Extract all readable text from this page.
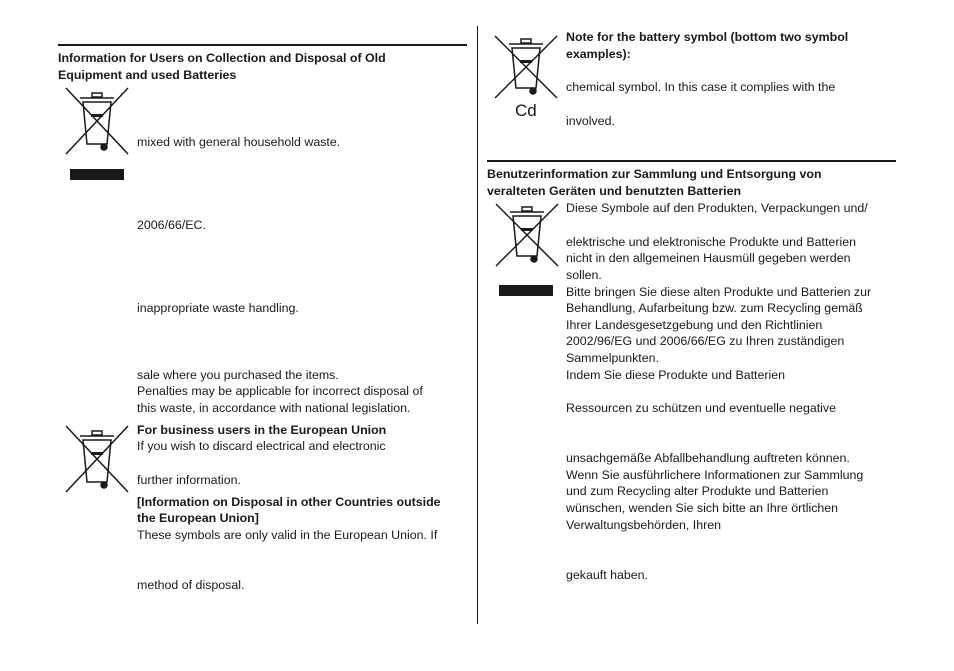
Information for Users on Collection and Disposal of Old
Equipment and used Batteries
mixed with general household waste.
2006/66/EC.
inappropriate waste handling.
sale where you purchased the items.
Penalties may be applicable for incorrect disposal of
this waste, in accordance with national legislation.
For business users in the European Union
If you wish to discard electrical and electronic
further information.
[Information on Disposal in other Countries outside
the European Union]
These symbols are only valid in the European Union. If
method of disposal.
Cd
Note for the battery symbol (bottom two symbol
examples):
chemical symbol. In this case it complies with the
involved.
Benutzerinformation zur Sammlung und Entsorgung von
veralteten Geräten und benutzten Batterien
Diese Symbole auf den Produkten, Verpackungen und/
elektrische und elektronische Produkte und Batterien
nicht in den allgemeinen Hausmüll gegeben werden
sollen.
Bitte bringen Sie diese alten Produkte und Batterien zur
Behandlung, Aufarbeitung bzw. zum Recycling gemäß
Ihrer Landesgesetzgebung und den Richtlinien
2002/96/EG und 2006/66/EG zu Ihren zuständigen
Sammelpunkten.
Indem Sie diese Produkte und Batterien
Ressourcen zu schützen und eventuelle negative
unsachgemäße Abfallbehandlung auftreten können.
Wenn Sie ausführlichere Informationen zur Sammlung
und zum Recycling alter Produkte und Batterien
wünschen, wenden Sie sich bitte an Ihre örtlichen
Verwaltungsbehörden, Ihren
gekauft haben.
